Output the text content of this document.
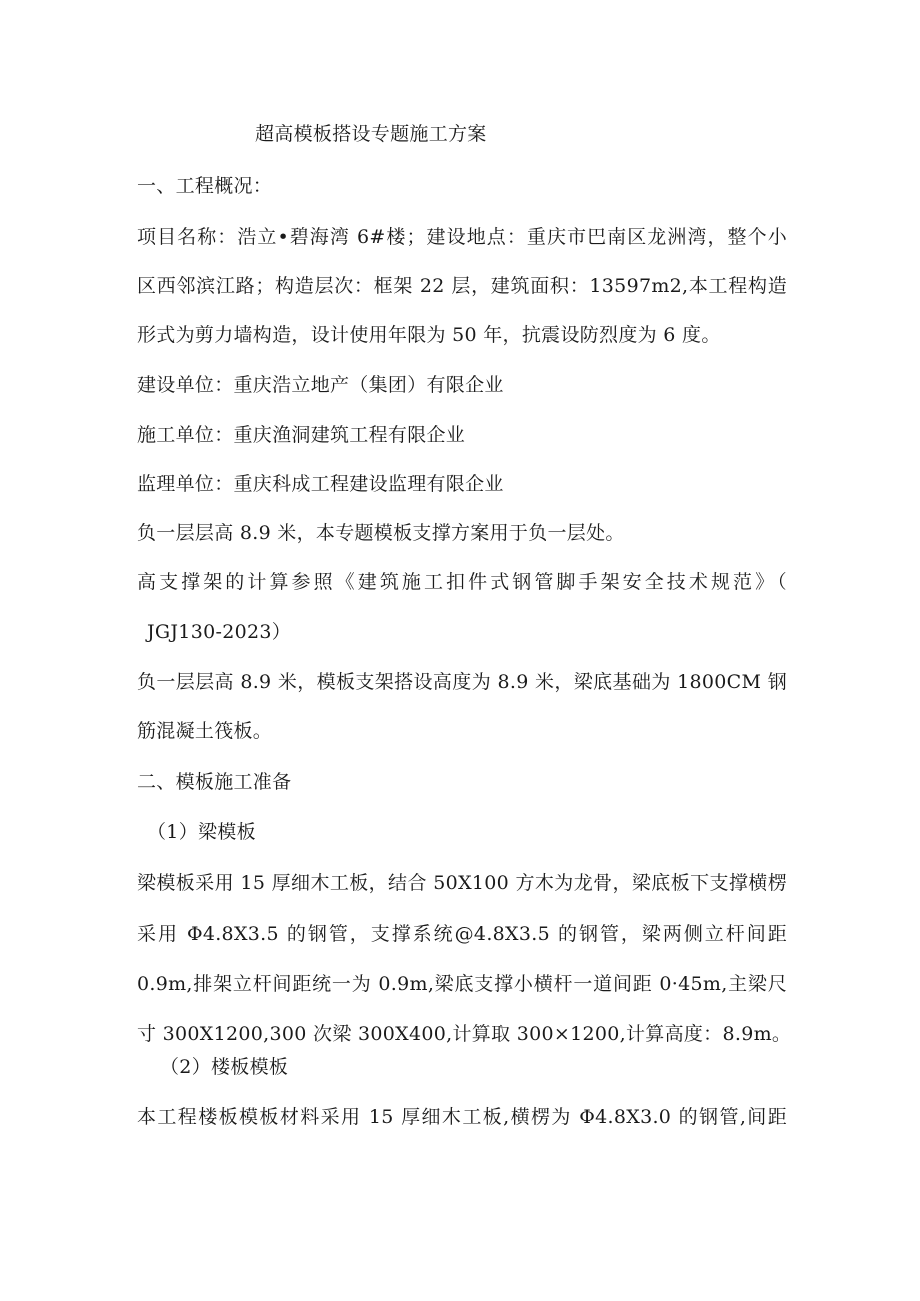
超高模板搭设专题施工方案
一、工程概况：
项目名称：浩立•碧海湾 6#楼；建设地点：重庆市巴南区龙洲湾，整个小
区西邻滨江路；构造层次：框架 22 层，建筑面积：13597m2,本工程构造
形式为剪力墙构造，设计使用年限为 50 年，抗震设防烈度为 6 度。
建设单位：重庆浩立地产（集团）有限企业
施工单位：重庆渔洞建筑工程有限企业
监理单位：重庆科成工程建设监理有限企业
负一层层高 8.9 米，本专题模板支撑方案用于负一层处。
高支撑架的计算参照《建筑施工扣件式钢管脚手架安全技术规范》（
JGJ130-2023）
负一层层高 8.9 米，模板支架搭设高度为 8.9 米，梁底基础为 1800CM 钢
筋混凝土筏板。
二、模板施工准备
（1）梁模板
梁模板采用 15 厚细木工板，结合 50X100 方木为龙骨，梁底板下支撑横楞
采用 Φ4.8X3.5 的钢管，支撑系统@4.8X3.5 的钢管，梁两侧立杆间距
0.9m,排架立杆间距统一为 0.9m,梁底支撑小横杆一道间距 0·45m,主梁尺
寸 300X1200,300 次梁 300X400,计算取 300×1200,计算高度：8.9m。
（2）楼板模板
本工程楼板模板材料采用 15 厚细木工板,横楞为 Φ4.8X3.0 的钢管,间距
